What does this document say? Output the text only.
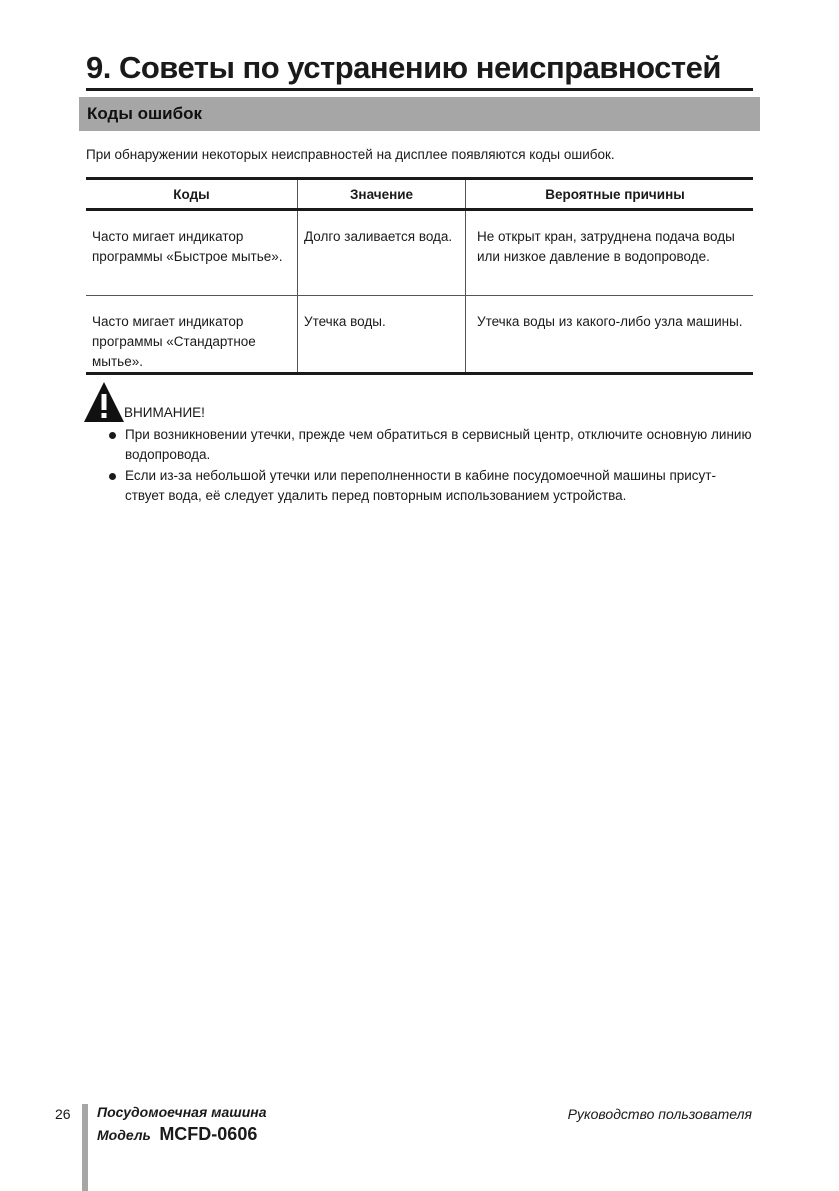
9. Советы по устранению неисправностей
Коды ошибок
При обнаружении некоторых неисправностей на дисплее появляются коды ошибок.
Коды	Значение	Вероятные причины
Часто мигает индикатор программы «Быстрое мытье».	Долго заливается вода.	Не открыт кран, затруднена подача воды или низкое давление в водопроводе.
Часто мигает индикатор программы «Стандартное мытье».	Утечка воды.	Утечка воды из какого-либо узла машины.
ВНИМАНИЕ!
При возникновении утечки, прежде чем обратиться в сервисный центр, отключите основную линию водопровода.
Если из-за небольшой утечки или переполненности в кабине посудомоечной машины присут-ствует вода, её следует удалить перед повторным использованием устройства.
26 Посудомоечная машина
Модель MCFD-0606
Руководство пользователя
